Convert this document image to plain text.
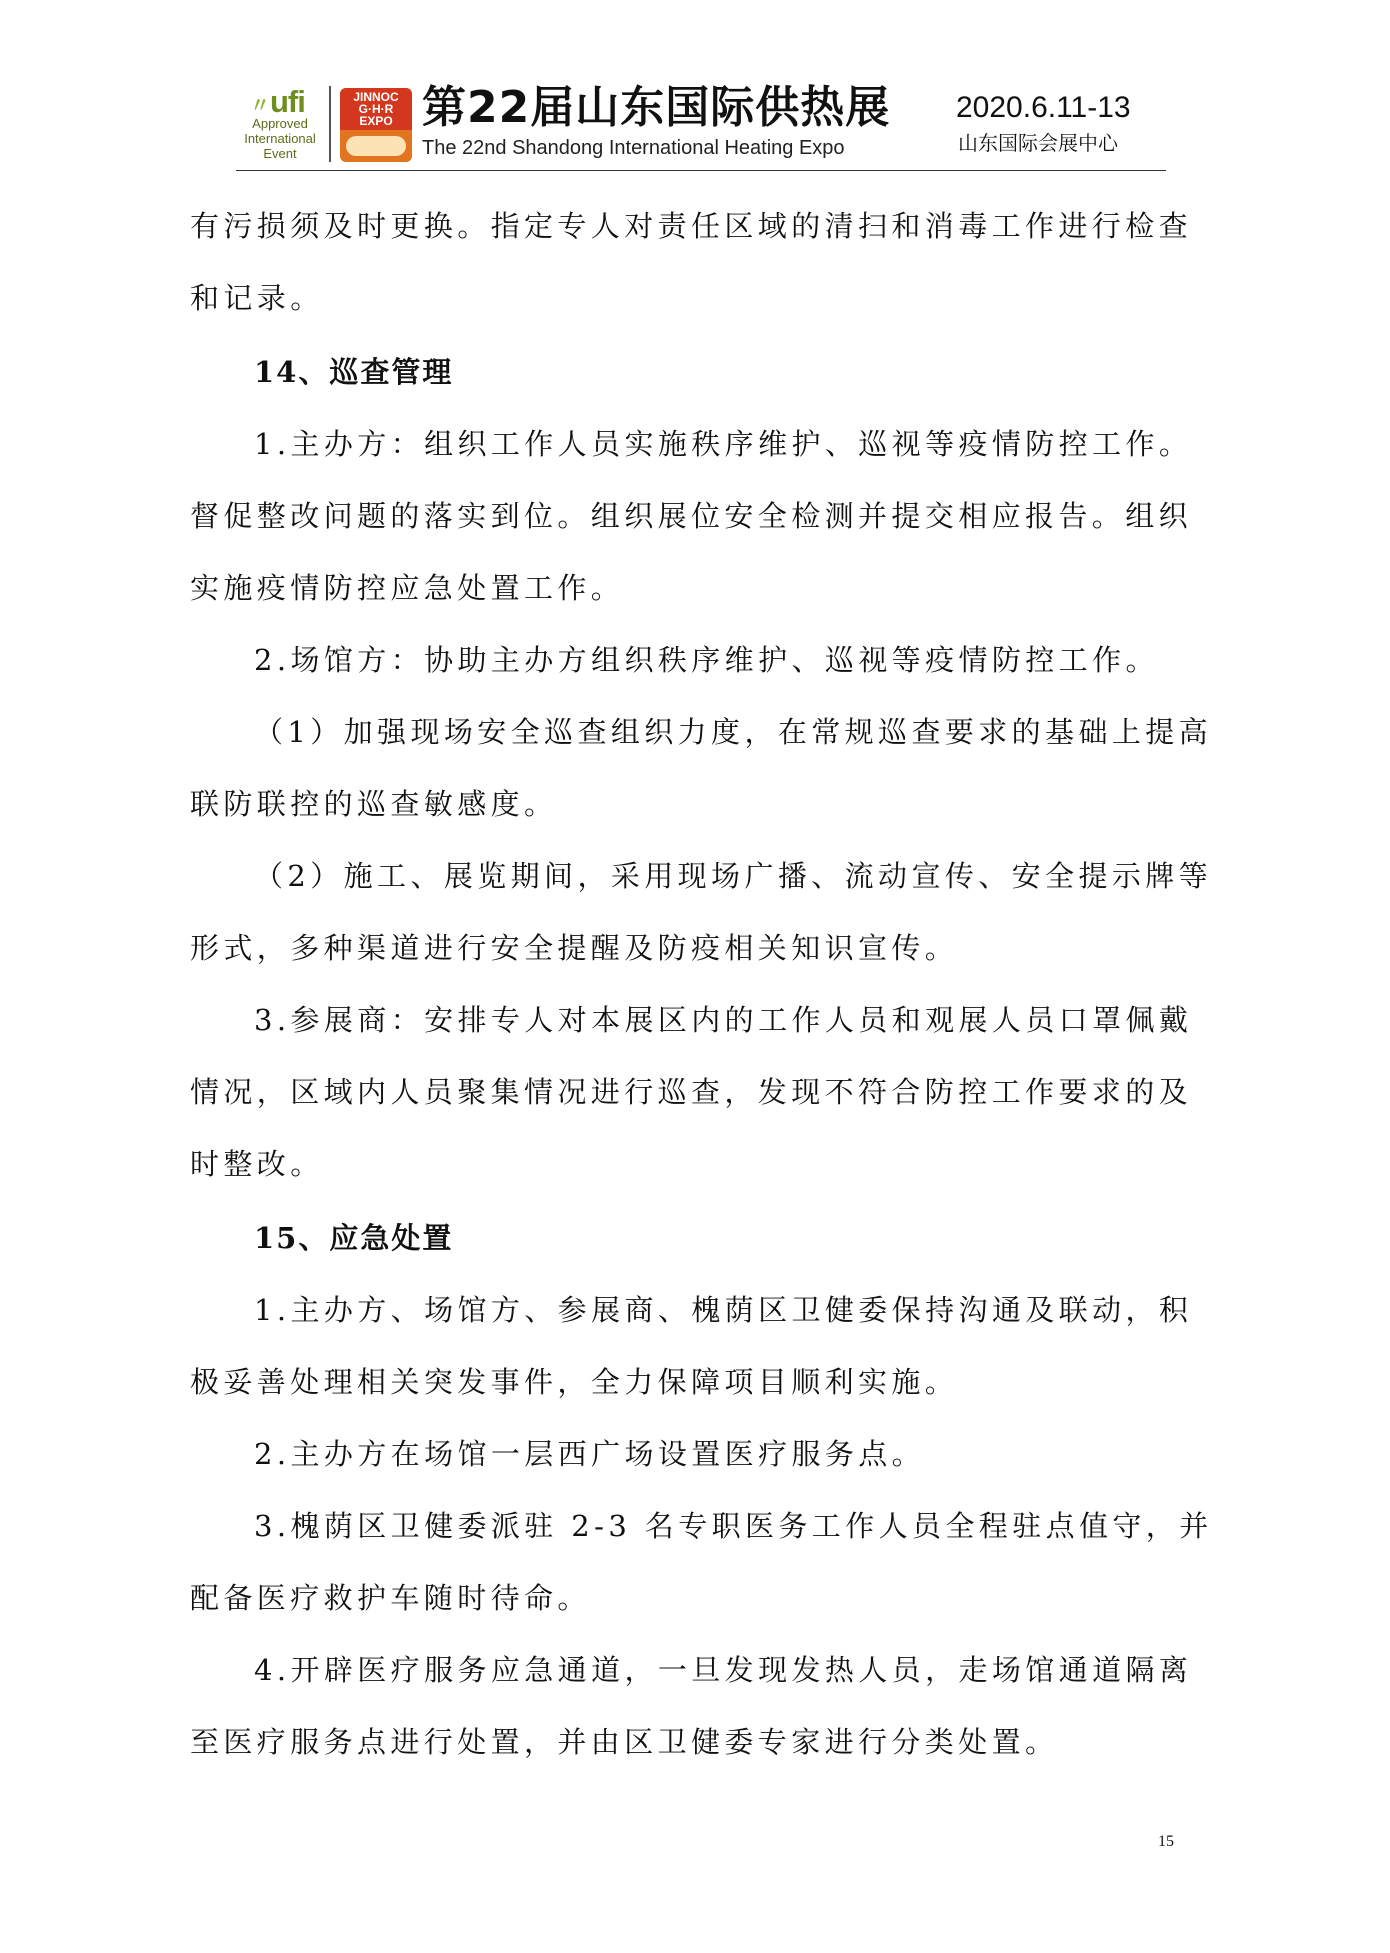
〃ufi
Approved
International
Event
JINNOC
G·H·R
EXPO 第22届山东国际供热展
The 22nd Shandong International Heating Expo
2020.6.11-13
山东国际会展中心
有污损须及时更换。指定专人对责任区域的清扫和消毒工作进行检查
和记录。
14、巡查管理
1.主办方：组织工作人员实施秩序维护、巡视等疫情防控工作。
督促整改问题的落实到位。组织展位安全检测并提交相应报告。组织
实施疫情防控应急处置工作。
2.场馆方：协助主办方组织秩序维护、巡视等疫情防控工作。
（1）加强现场安全巡查组织力度，在常规巡查要求的基础上提高
联防联控的巡查敏感度。
（2）施工、展览期间，采用现场广播、流动宣传、安全提示牌等
形式，多种渠道进行安全提醒及防疫相关知识宣传。
3.参展商：安排专人对本展区内的工作人员和观展人员口罩佩戴
情况，区域内人员聚集情况进行巡查，发现不符合防控工作要求的及
时整改。
15、应急处置
1.主办方、场馆方、参展商、槐荫区卫健委保持沟通及联动，积
极妥善处理相关突发事件，全力保障项目顺利实施。
2.主办方在场馆一层西广场设置医疗服务点。
3.槐荫区卫健委派驻 2-3 名专职医务工作人员全程驻点值守，并
配备医疗救护车随时待命。
4.开辟医疗服务应急通道，一旦发现发热人员，走场馆通道隔离
至医疗服务点进行处置，并由区卫健委专家进行分类处置。
15
